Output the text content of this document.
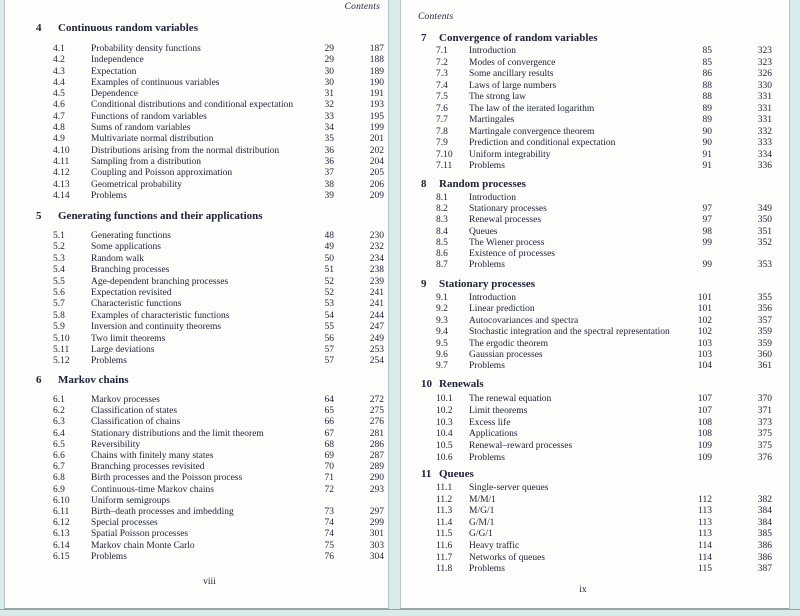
Contents
4 Continuous random variables
4.1	Probability density functions	29	187
4.2	Independence	29	188
4.3	Expectation	30	189
4.4	Examples of continuous variables	30	190
4.5	Dependence	31	191
4.6	Conditional distributions and conditional expectation	32	193
4.7	Functions of random variables	33	195
4.8	Sums of random variables	34	199
4.9	Multivariate normal distribution	35	201
4.10	Distributions arising from the normal distribution	36	202
4.11	Sampling from a distribution	36	204
4.12	Coupling and Poisson approximation	37	205
4.13	Geometrical probability	38	206
4.14	Problems	39	209
5 Generating functions and their applications
5.1	Generating functions	48	230
5.2	Some applications	49	232
5.3	Random walk	50	234
5.4	Branching processes	51	238
5.5	Age-dependent branching processes	52	239
5.6	Expectation revisited	52	241
5.7	Characteristic functions	53	241
5.8	Examples of characteristic functions	54	244
5.9	Inversion and continuity theorems	55	247
5.10	Two limit theorems	56	249
5.11	Large deviations	57	253
5.12	Problems	57	254
6 Markov chains
6.1	Markov processes	64	272
6.2	Classification of states	65	275
6.3	Classification of chains	66	276
6.4	Stationary distributions and the limit theorem	67	281
6.5	Reversibility	68	286
6.6	Chains with finitely many states	69	287
6.7	Branching processes revisited	70	289
6.8	Birth processes and the Poisson process	71	290
6.9	Continuous-time Markov chains	72	293
6.10	Uniform semigroups
6.11	Birth–death processes and imbedding	73	297
6.12	Special processes	74	299
6.13	Spatial Poisson processes	74	301
6.14	Markov chain Monte Carlo	75	303
6.15	Problems	76	304
viii
Contents
7 Convergence of random variables
7.1	Introduction	85	323
7.2	Modes of convergence	85	323
7.3	Some ancillary results	86	326
7.4	Laws of large numbers	88	330
7.5	The strong law	88	331
7.6	The law of the iterated logarithm	89	331
7.7	Martingales	89	331
7.8	Martingale convergence theorem	90	332
7.9	Prediction and conditional expectation	90	333
7.10	Uniform integrability	91	334
7.11	Problems	91	336
8 Random processes
8.1	Introduction
8.2	Stationary processes	97	349
8.3	Renewal processes	97	350
8.4	Queues	98	351
8.5	The Wiener process	99	352
8.6	Existence of processes
8.7	Problems	99	353
9 Stationary processes
9.1	Introduction	101	355
9.2	Linear prediction	101	356
9.3	Autocovariances and spectra	102	357
9.4	Stochastic integration and the spectral representation	102	359
9.5	The ergodic theorem	103	359
9.6	Gaussian processes	103	360
9.7	Problems	104	361
10 Renewals
10.1	The renewal equation	107	370
10.2	Limit theorems	107	371
10.3	Excess life	108	373
10.4	Applications	108	375
10.5	Renewal–reward processes	109	375
10.6	Problems	109	376
11 Queues
11.1	Single-server queues
11.2	M/M/1	112	382
11.3	M/G/1	113	384
11.4	G/M/1	113	384
11.5	G/G/1	113	385
11.6	Heavy traffic	114	386
11.7	Networks of queues	114	386
11.8	Problems	115	387
ix
